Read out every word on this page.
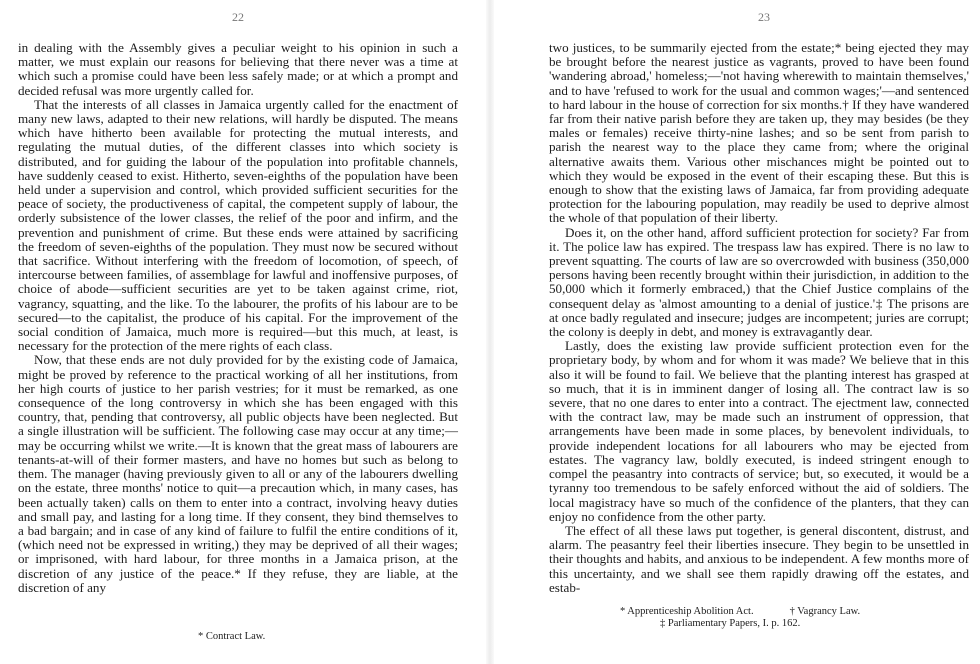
22

in dealing with the Assembly gives a peculiar weight to his opinion in such a matter, we must explain our reasons for believing that there never was a time at which such a promise could have been less safely made; or at which a prompt and decided refusal was more urgently called for.

That the interests of all classes in Jamaica urgently called for the enactment of many new laws, adapted to their new relations, will hardly be disputed. The means which have hitherto been available for protecting the mutual interests, and regulating the mutual duties, of the different classes into which society is distributed, and for guiding the labour of the population into profitable channels, have suddenly ceased to exist. Hitherto, seven-eighths of the population have been held under a supervision and control, which provided sufficient securities for the peace of society, the productiveness of capital, the competent supply of labour, the orderly subsistence of the lower classes, the relief of the poor and infirm, and the prevention and punishment of crime. But these ends were attained by sacrificing the freedom of seven-eighths of the population. They must now be secured without that sacrifice. Without interfering with the freedom of locomotion, of speech, of intercourse between families, of assemblage for lawful and inoffensive purposes, of choice of abode—sufficient securities are yet to be taken against crime, riot, vagrancy, squatting, and the like. To the labourer, the profits of his labour are to be secured—to the capitalist, the produce of his capital. For the improvement of the social condition of Jamaica, much more is required—but this much, at least, is necessary for the protection of the mere rights of each class.

Now, that these ends are not duly provided for by the existing code of Jamaica, might be proved by reference to the practical working of all her institutions, from her high courts of justice to her parish vestries; for it must be remarked, as one consequence of the long controversy in which she has been engaged with this country, that, pending that controversy, all public objects have been neglected. But a single illustration will be sufficient. The following case may occur at any time;—may be occurring whilst we write.—It is known that the great mass of labourers are tenants-at-will of their former masters, and have no homes but such as belong to them. The manager (having previously given to all or any of the labourers dwelling on the estate, three months' notice to quit—a precaution which, in many cases, has been actually taken) calls on them to enter into a contract, involving heavy duties and small pay, and lasting for a long time. If they consent, they bind themselves to a bad bargain; and in case of any kind of failure to fulfil the entire conditions of it, (which need not be expressed in writing,) they may be deprived of all their wages; or imprisoned, with hard labour, for three months in a Jamaica prison, at the discretion of any justice of the peace.* If they refuse, they are liable, at the discretion of any

* Contract Law.
23

two justices, to be summarily ejected from the estate;* being ejected they may be brought before the nearest justice as vagrants, proved to have been found 'wandering abroad,' homeless;—'not having wherewith to maintain themselves,' and to have 'refused to work for the usual and common wages;'—and sentenced to hard labour in the house of correction for six months.† If they have wandered far from their native parish before they are taken up, they may besides (be they males or females) receive thirty-nine lashes; and so be sent from parish to parish the nearest way to the place they came from; where the original alternative awaits them. Various other mischances might be pointed out to which they would be exposed in the event of their escaping these. But this is enough to show that the existing laws of Jamaica, far from providing adequate protection for the labouring population, may readily be used to deprive almost the whole of that population of their liberty.

Does it, on the other hand, afford sufficient protection for society? Far from it. The police law has expired. The trespass law has expired. There is no law to prevent squatting. The courts of law are so overcrowded with business (350,000 persons having been recently brought within their jurisdiction, in addition to the 50,000 which it formerly embraced,) that the Chief Justice complains of the consequent delay as 'almost amounting to a denial of justice.'‡ The prisons are at once badly regulated and insecure; judges are incompetent; juries are corrupt; the colony is deeply in debt, and money is extravagantly dear.

Lastly, does the existing law provide sufficient protection even for the proprietary body, by whom and for whom it was made? We believe that in this also it will be found to fail. We believe that the planting interest has grasped at so much, that it is in imminent danger of losing all. The contract law is so severe, that no one dares to enter into a contract. The ejectment law, connected with the contract law, may be made such an instrument of oppression, that arrangements have been made in some places, by benevolent individuals, to provide independent locations for all labourers who may be ejected from estates. The vagrancy law, boldly executed, is indeed stringent enough to compel the peasantry into contracts of service; but, so executed, it would be a tyranny too tremendous to be safely enforced without the aid of soldiers. The local magistracy have so much of the confidence of the planters, that they can enjoy no confidence from the other party.

The effect of all these laws put together, is general discontent, distrust, and alarm. The peasantry feel their liberties insecure. They begin to be unsettled in their thoughts and habits, and anxious to be independent. A few months more of this uncertainty, and we shall see them rapidly drawing off the estates, and estab-

* Apprenticeship Abolition Act.	† Vagrancy Law.
‡ Parliamentary Papers, I. p. 162.
